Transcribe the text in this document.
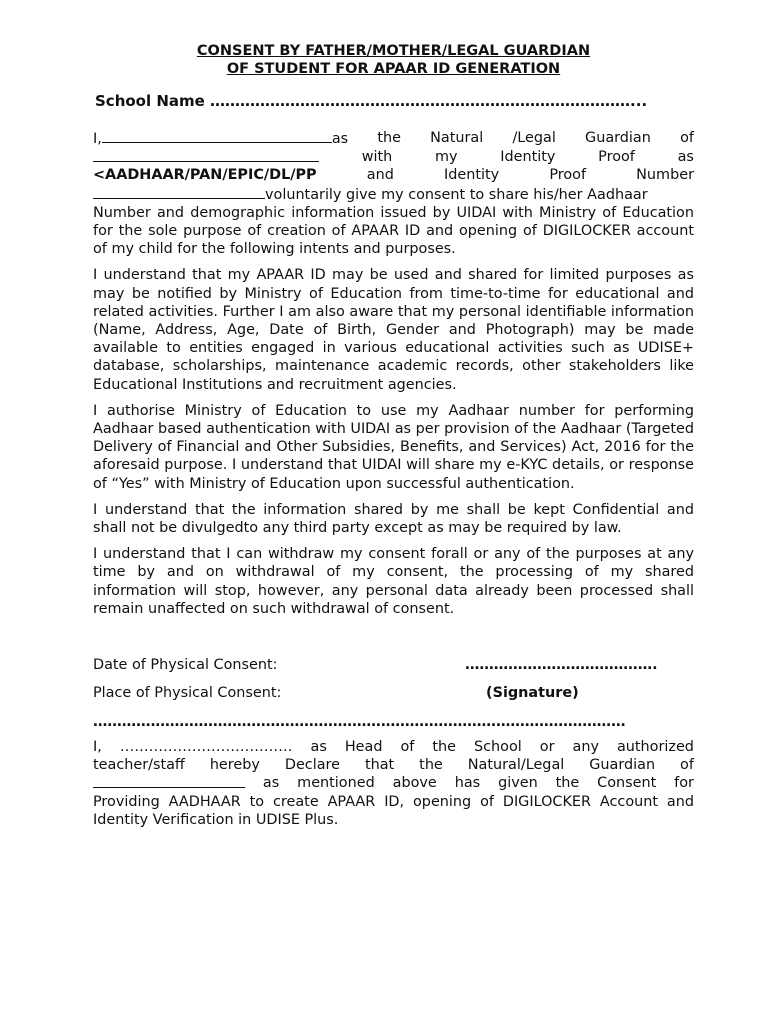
CONSENT BY FATHER/MOTHER/LEGAL GUARDIAN
OF STUDENT FOR APAAR ID GENERATION
School Name …………………………………………………………………………...
I,	as the Natural /Legal Guardian of
with	my	Identity	Proof	as
<AADHAAR/PAN/EPIC/DL/PP	and	Identity	Proof	Number
voluntarily give my consent to share his/her Aadhaar

Number and demographic information issued by UIDAI with Ministry of Education for the sole purpose of creation of APAAR ID and opening of DIGILOCKER account of my child for the following intents and purposes.

I understand that my APAAR ID may be used and shared for limited purposes as may be notified by Ministry of Education from time-to-time for educational and related activities. Further I am also aware that my personal identifiable information (Name, Address, Age, Date of Birth, Gender and Photograph) may be made available to entities engaged in various educational activities such as UDISE+ database, scholarships, maintenance academic records, other stakeholders like Educational Institutions and recruitment agencies.

I authorise Ministry of Education to use my Aadhaar number for performing Aadhaar based authentication with UIDAI as per provision of the Aadhaar (Targeted Delivery of Financial and Other Subsidies, Benefits, and Services) Act, 2016 for the aforesaid purpose. I understand that UIDAI will share my e-KYC details, or response of “Yes” with Ministry of Education upon successful authentication.

I understand that the information shared by me shall be kept Confidential and shall not be divulgedto any third party except as may be required by law.

I understand that I can withdraw my consent forall or any of the purposes at any time by and on withdrawal of my consent, the processing of my shared information will stop, however, any personal data already been processed shall remain unaffected on such withdrawal of consent.

Date of Physical Consent:	………………………………….
Place of Physical Consent:	(Signature)
…………………………………………………………………………………………………
I, ……………………………… as Head of the School or any authorized
teacher/staff hereby Declare that the Natural/Legal Guardian of
as mentioned above has given the Consent for

Providing AADHAAR to create APAAR ID, opening of DIGILOCKER Account and Identity Verification in UDISE Plus.
